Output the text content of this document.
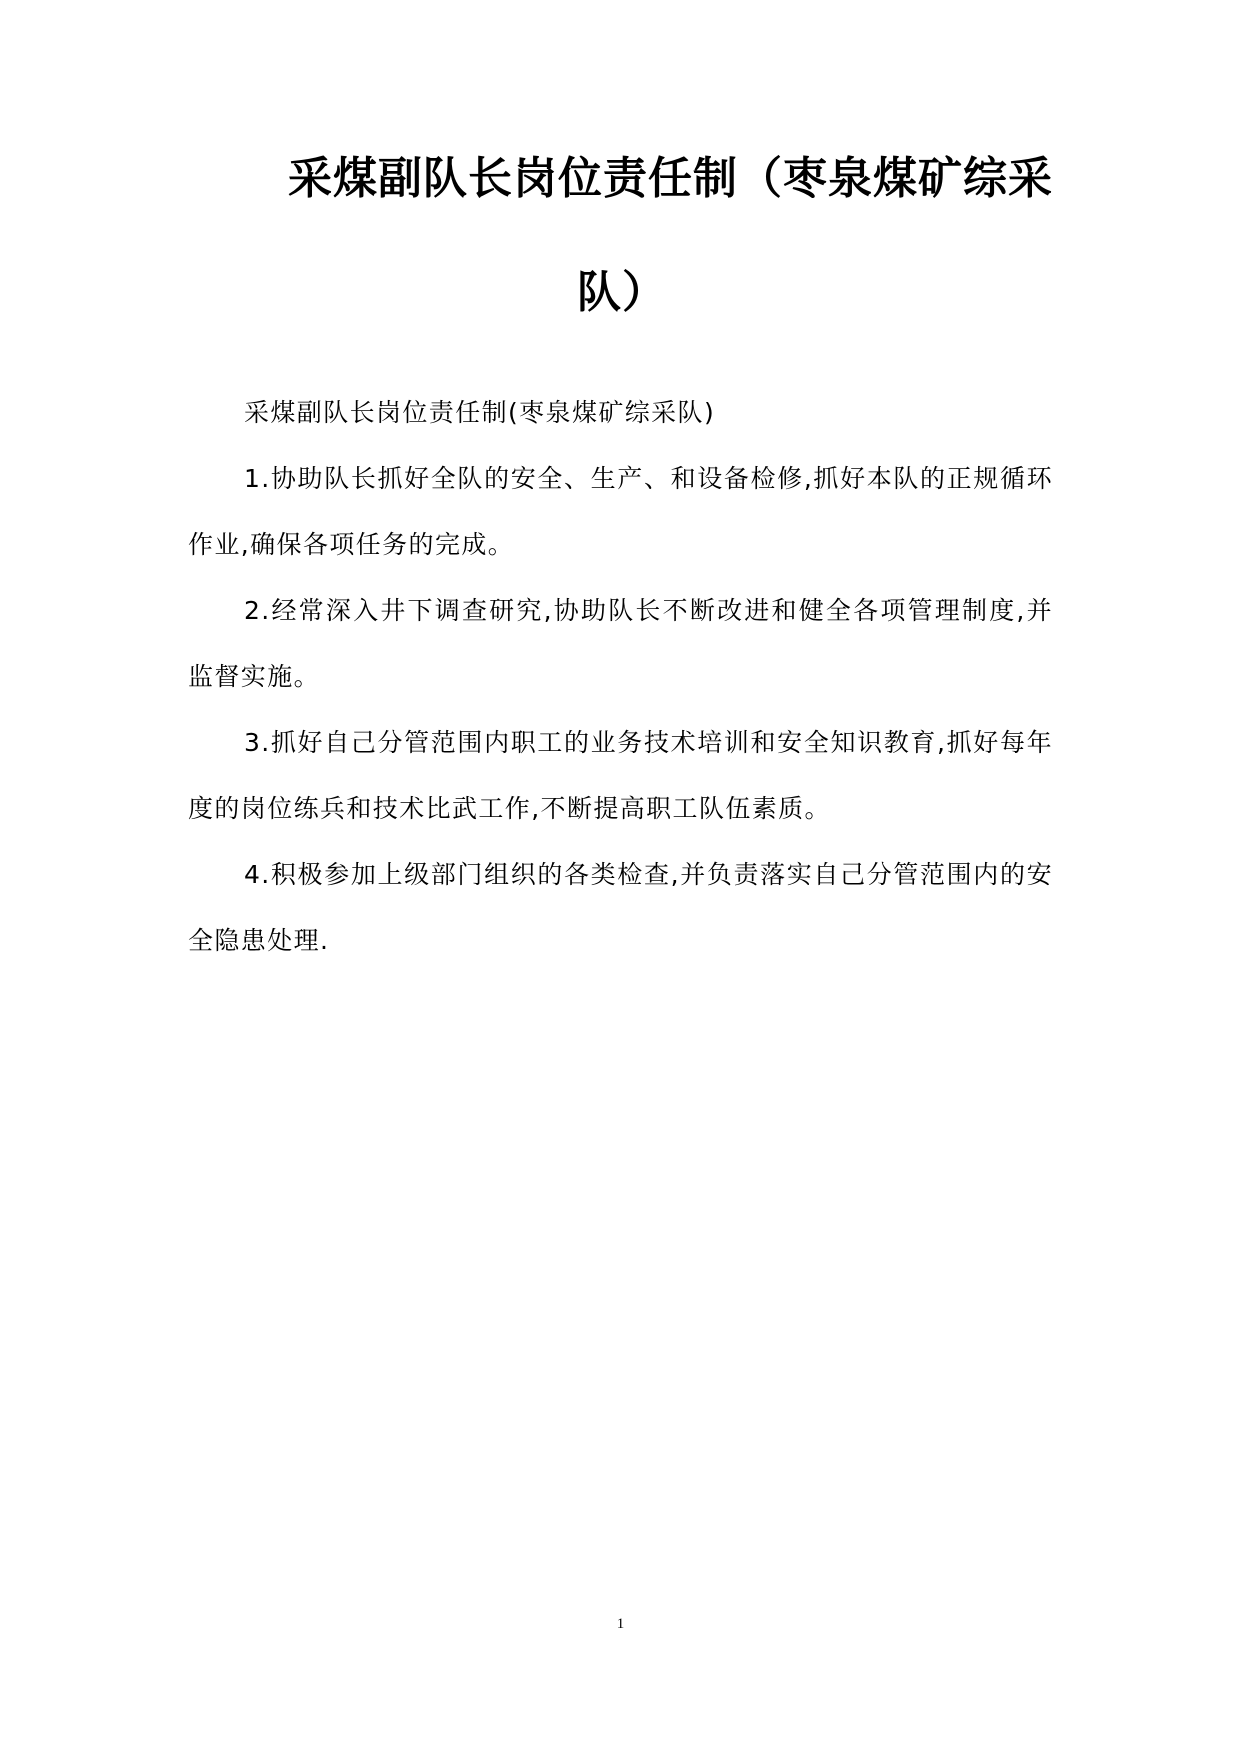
采煤副队长岗位责任制（枣泉煤矿综采
队）

采煤副队长岗位责任制(枣泉煤矿综采队)

1.协助队长抓好全队的安全、生产、和设备检修,抓好本队的正规循环作业,确保各项任务的完成。

2.经常深入井下调查研究,协助队长不断改进和健全各项管理制度,并监督实施。

3.抓好自己分管范围内职工的业务技术培训和安全知识教育,抓好每年度的岗位练兵和技术比武工作,不断提高职工队伍素质。

4.积极参加上级部门组织的各类检查,并负责落实自己分管范围内的安全隐患处理.

1
